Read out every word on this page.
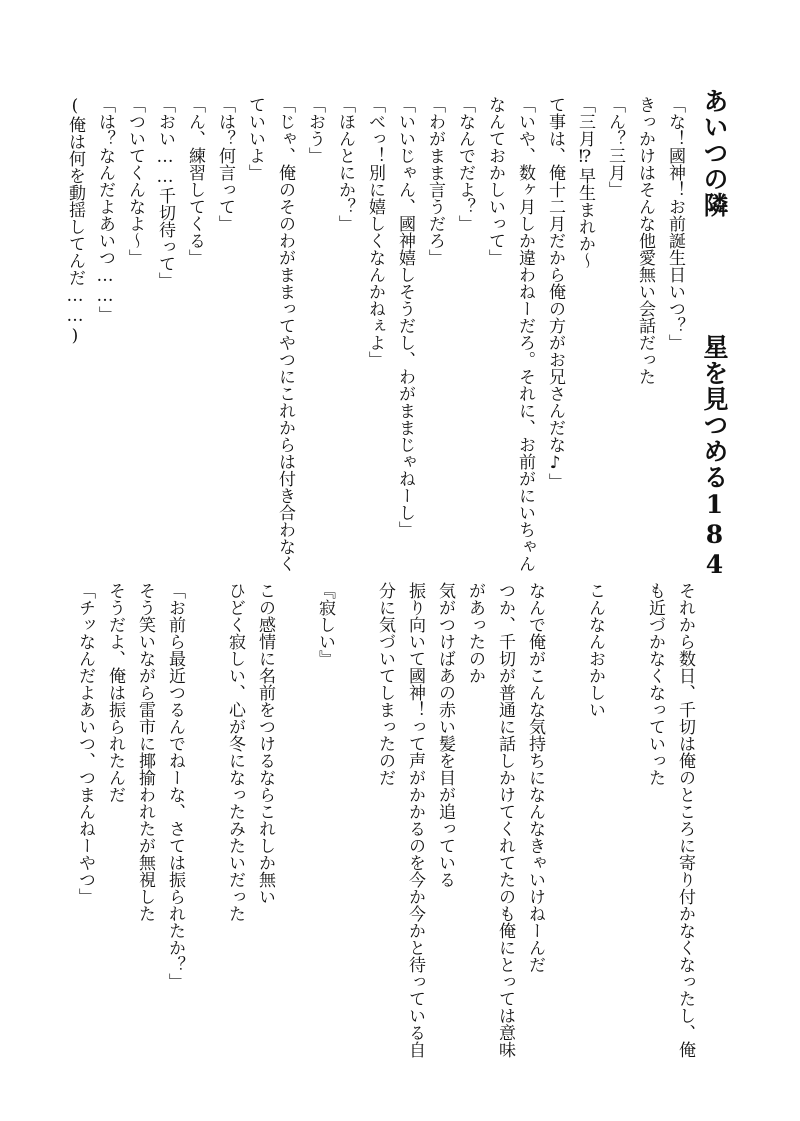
あいつの隣
星を見つめる184
「な！國神！お前誕生日いつ？」
きっかけはそんな他愛無い会話だった
「ん？三月」
「三月⁉早生まれか〜
て事は、俺十二月だから俺の方がお兄さんだな♪」
「いや、数ヶ月しか違わねーだろ。それに、お前がにいちゃん
なんておかしいって」
「なんでだよ？」
「わがまま言うだろ」
「いいじゃん、國神嬉しそうだし、わがままじゃねーし」
「べっ！別に嬉しくなんかねぇよ」
「ほんとにか？」
「おう」
「じゃ、俺のそのわがままってやつにこれからは付き合わなく
ていいよ」
「は？何言って」
「ん、練習してくる」
「おい……千切待って」
「ついてくんなよ〜」
「は？なんだよあいつ……」
(俺は何を動揺してんだ……)
それから数日、千切は俺のところに寄り付かなくなったし、俺
も近づかなくなっていった

こんなんおかしい

なんで俺がこんな気持ちになんなきゃいけねーんだ
つか、千切が普通に話しかけてくれてたのも俺にとっては意味
があったのか
気がつけばあの赤い髪を目が追っている
振り向いて國神！って声がかかるのを今か今かと待っている自
分に気づいてしまったのだ

『寂しい』

この感情に名前をつけるならこれしか無い
ひどく寂しい、心が冬になったみたいだった

「お前ら最近つるんでねーな、さては振られたか？」
そう笑いながら雷市に揶揄われたが無視した
そうだよ、俺は振られたんだ
「チッなんだよあいつ、つまんねーやつ」
